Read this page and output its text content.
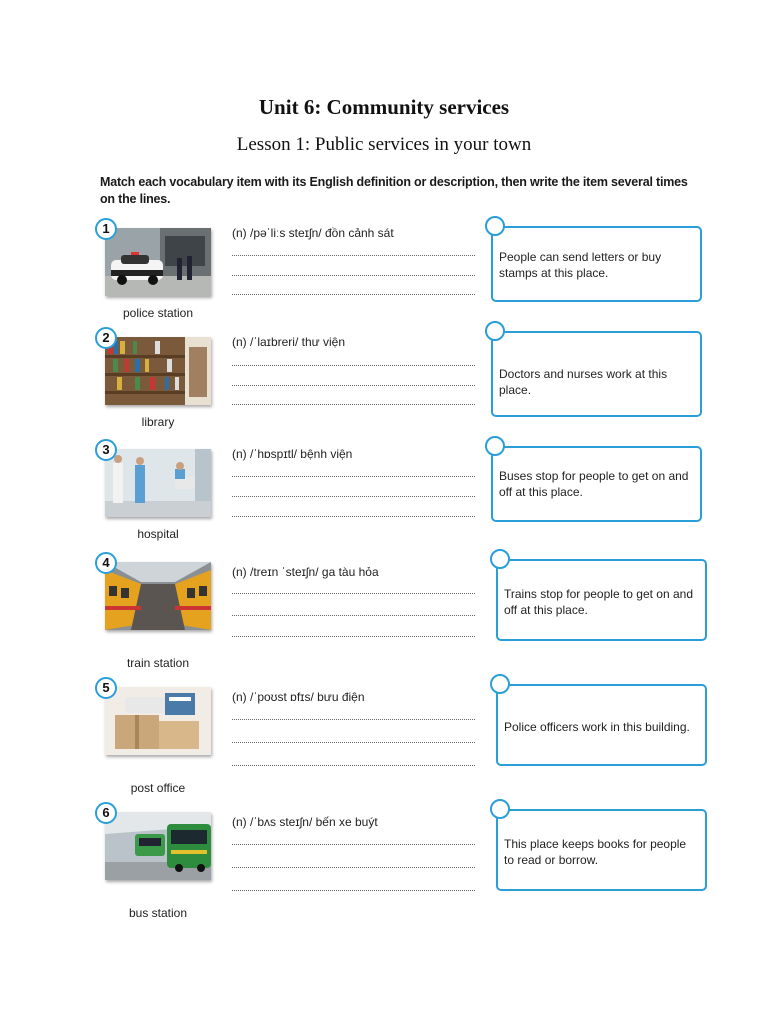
Unit 6: Community services
Lesson 1: Public services in your town
Match each vocabulary item with its English definition or description, then write the item several times on the lines.
1
police station
(n) /pəˈliːs steɪʃn/ đồn cảnh sát
People can send letters or buy stamps at this place.
2
library
(n) /ˈlaɪbreri/ thư viện
Doctors and nurses work at this place.
3
hospital
(n) /ˈhɒspɪtl/ bệnh viện
Buses stop for people to get on and off at this place.
4
train station
(n) /treɪn ˈsteɪʃn/ ga tàu hỏa
Trains stop for people to get on and off at this place.
5
post office
(n) /ˈpoʊst ɒfɪs/ bưu điện
Police officers work in this building.
6
bus station
(n) /ˈbʌs steɪʃn/ bến xe buýt
This place keeps books for people to read or borrow.
